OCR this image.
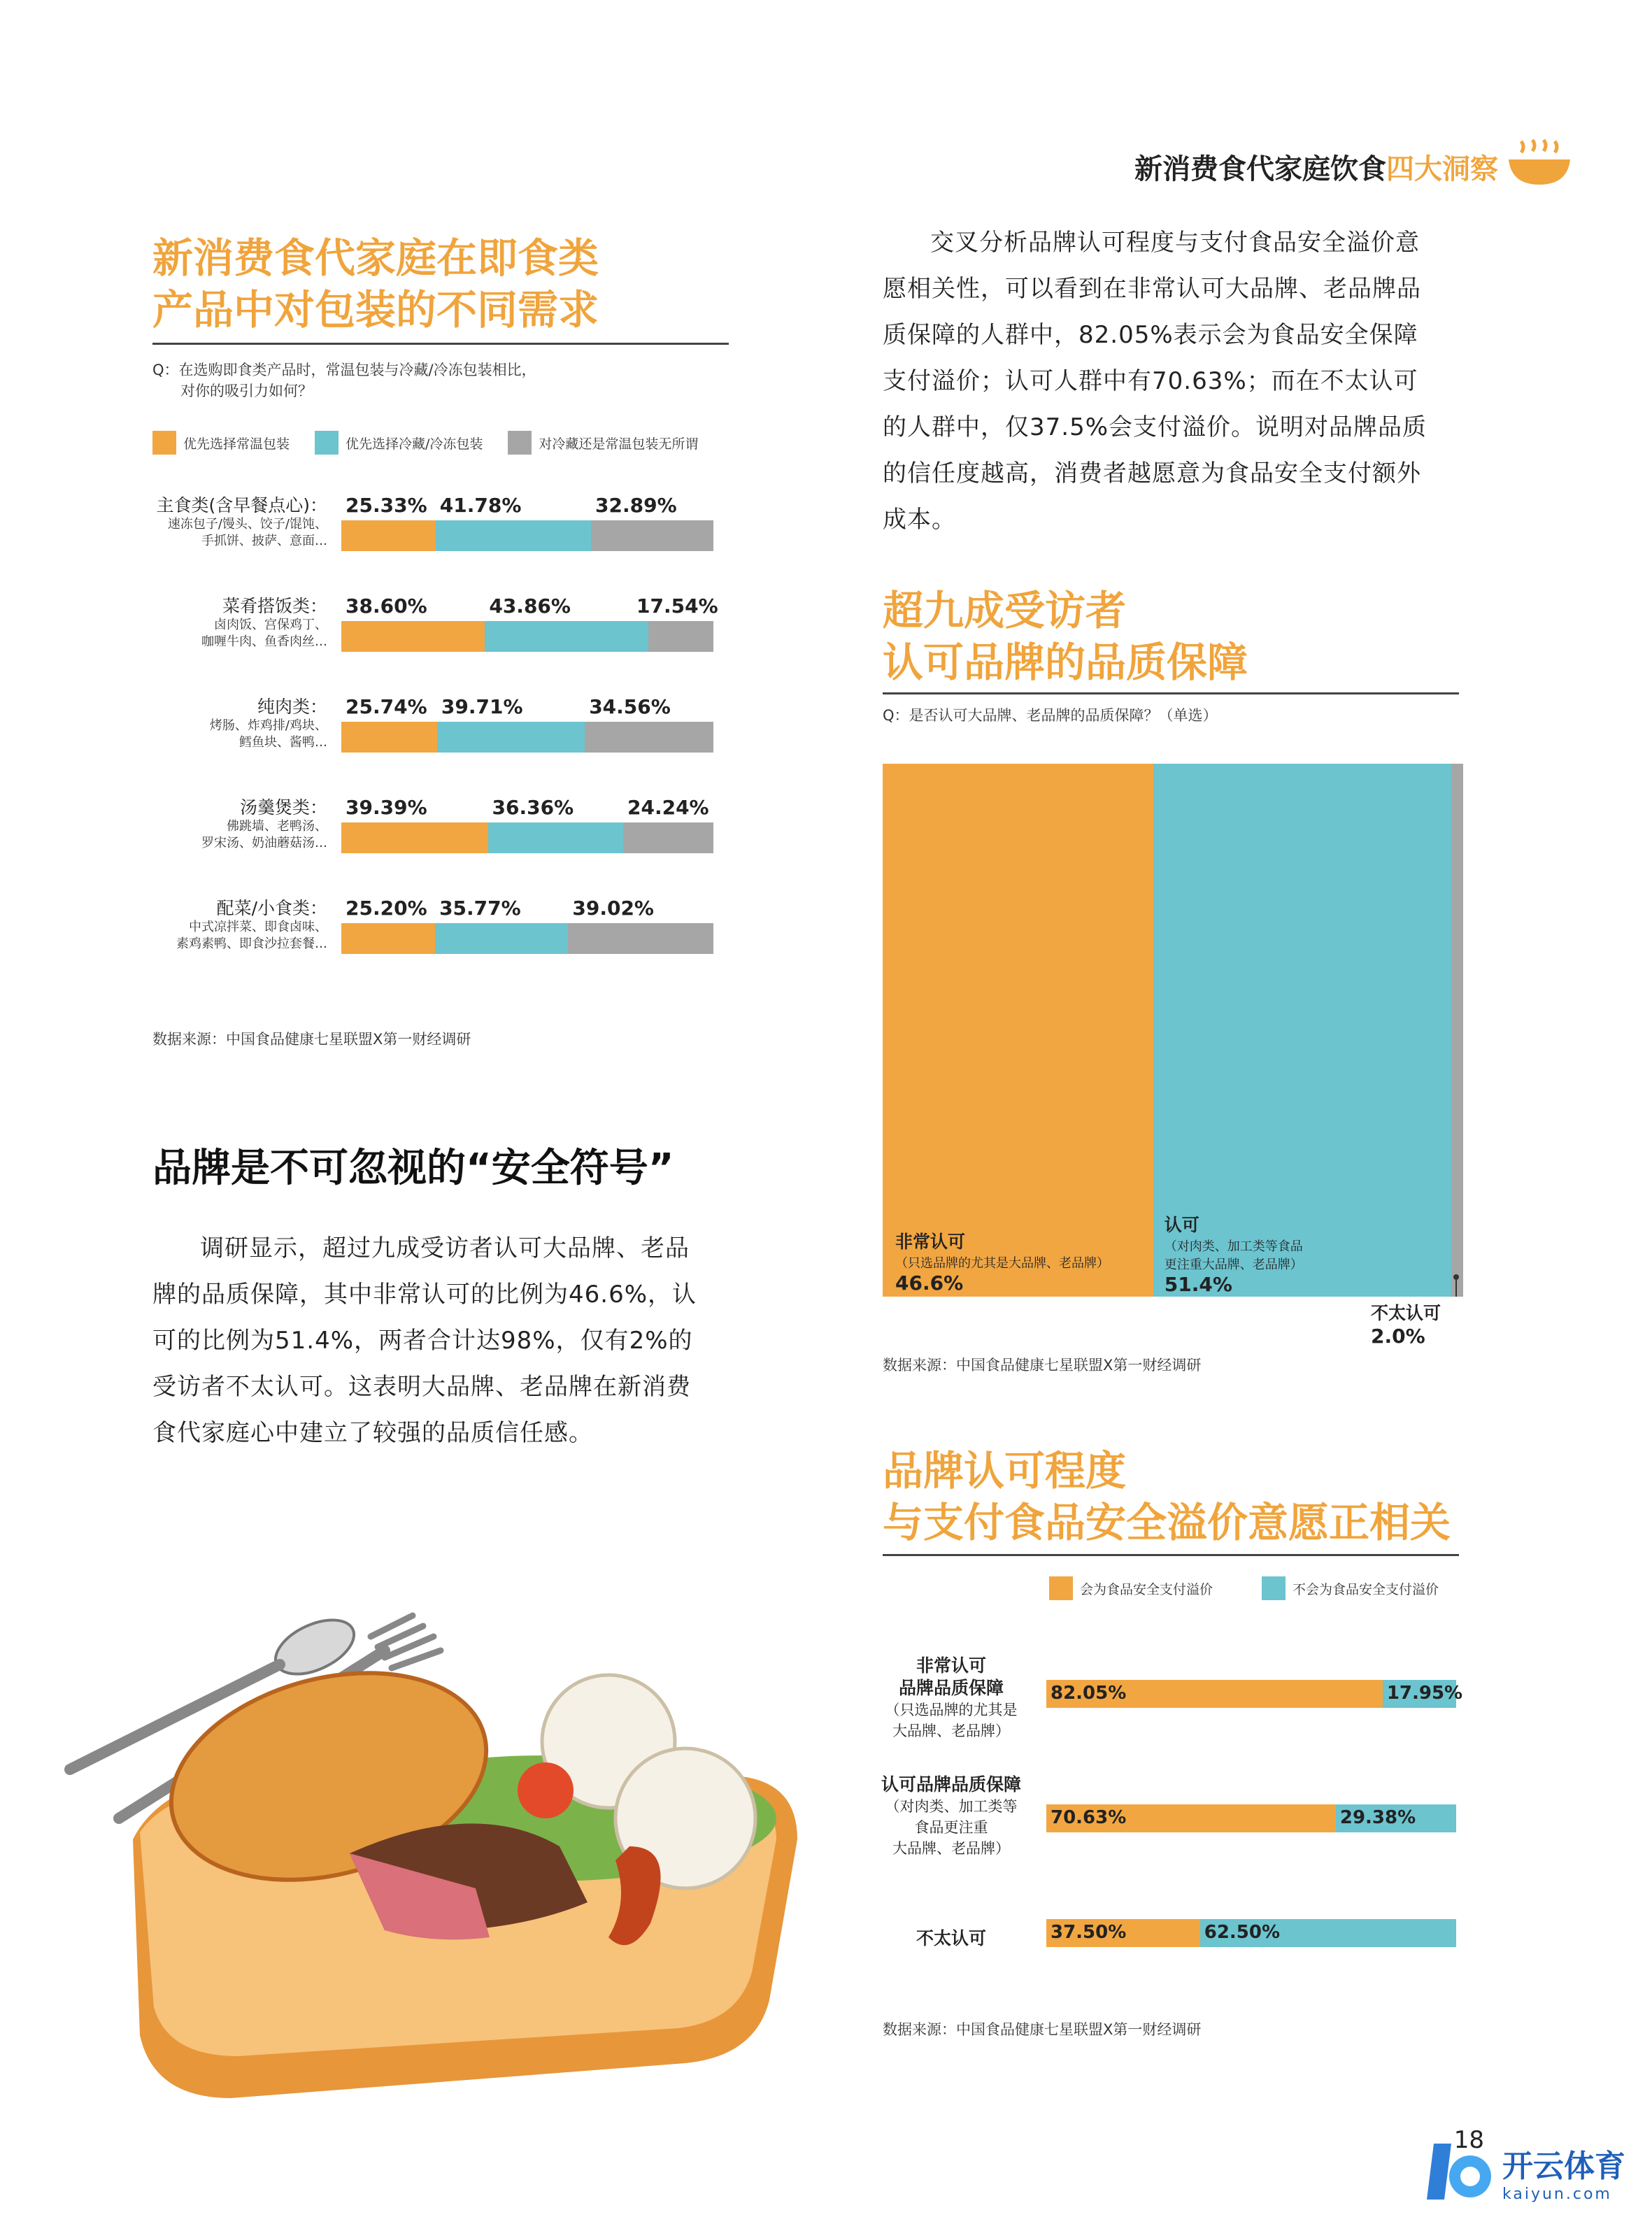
新消费食代家庭饮食四大洞察
新消费食代家庭在即食类
产品中对包装的不同需求
Q：在选购即食类产品时，常温包装与冷藏/冷冻包装相比，
对你的吸引力如何？
优先选择常温包装	优先选择冷藏/冷冻包装	对冷藏还是常温包装无所谓
主食类(含早餐点心)：
速冻包子/馒头、饺子/馄饨、
手抓饼、披萨、意面…
25.33% 41.78%	32.89%
菜肴搭饭类：
卤肉饭、宫保鸡丁、
咖喱牛肉、鱼香肉丝…
38.60%	43.86%	17.54%
纯肉类：
烤肠、炸鸡排/鸡块、
鳕鱼块、酱鸭…
25.74% 39.71%	34.56%
汤羹煲类：
佛跳墙、老鸭汤、
罗宋汤、奶油蘑菇汤…
39.39%	36.36%	24.24%
配菜/小食类：
中式凉拌菜、即食卤味、
素鸡素鸭、即食沙拉套餐…
25.20% 35.77%	39.02%
数据来源：中国食品健康七星联盟X第一财经调研
品牌是不可忽视的“安全符号”
调研显示，超过九成受访者认可大品牌、老品
牌的品质保障，其中非常认可的比例为46.6%，认
可的比例为51.4%，两者合计达98%，仅有2%的
受访者不太认可。这表明大品牌、老品牌在新消费
食代家庭心中建立了较强的品质信任感。
交叉分析品牌认可程度与支付食品安全溢价意
愿相关性，可以看到在非常认可大品牌、老品牌品
质保障的人群中，82.05%表示会为食品安全保障
支付溢价；认可人群中有70.63%；而在不太认可
的人群中，仅37.5%会支付溢价。说明对品牌品质
的信任度越高，消费者越愿意为食品安全支付额外
成本。
超九成受访者
认可品牌的品质保障
Q：是否认可大品牌、老品牌的品质保障？（单选）
非常认可
（只选品牌的尤其是大品牌、老品牌）
46.6%
认可
（对肉类、加工类等食品
更注重大品牌、老品牌）
51.4%
不太认可
2.0%
数据来源：中国食品健康七星联盟X第一财经调研
品牌认可程度
与支付食品安全溢价意愿正相关
会为食品安全支付溢价	不会为食品安全支付溢价
非常认可
品牌品质保障
（只选品牌的尤其是
大品牌、老品牌）
82.05%	17.95%
认可品牌品质保障
（对肉类、加工类等
食品更注重
大品牌、老品牌）
70.63%	29.38%
不太认可	37.50%	62.50%
数据来源：中国食品健康七星联盟X第一财经调研
18
开云体育
kaiyun.com
